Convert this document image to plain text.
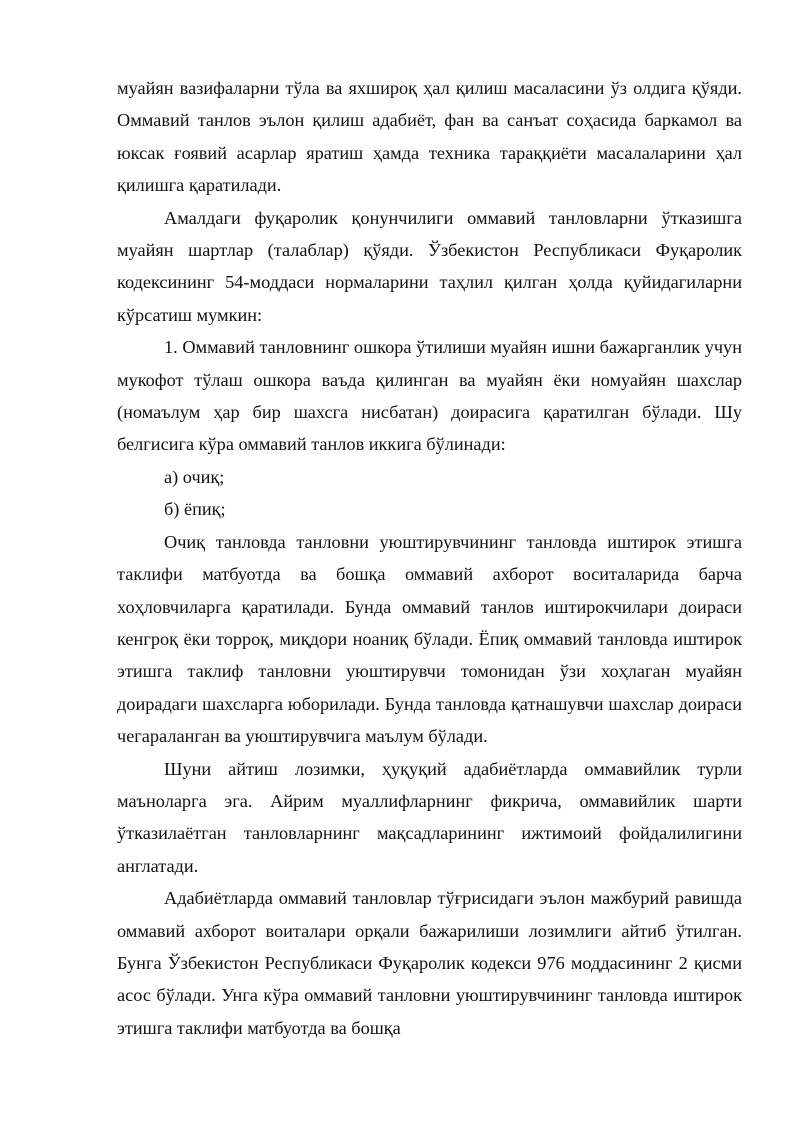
муайян вазифаларни тўла ва яхшироқ ҳал қилиш масаласини ўз олдига қўяди. Оммавий танлов эълон қилиш адабиёт, фан ва санъат соҳасида баркамол ва юксак ғоявий асарлар яратиш ҳамда техника тараққиёти масалаларини ҳал қилишга қаратилади.

Амалдаги фуқаролик қонунчилиги оммавий танловларни ўтказишга муайян шартлар (талаблар) қўяди. Ўзбекистон Республикаси Фуқаролик кодексининг 54-моддаси нормаларини таҳлил қилган ҳолда қуйидагиларни кўрсатиш мумкин:

1. Оммавий танловнинг ошкора ўтилиши муайян ишни бажарганлик учун мукофот тўлаш ошкора ваъда қилинган ва муайян ёки номуайян шахслар (номаълум ҳар бир шахсга нисбатан) доирасига қаратилган бўлади. Шу белгисига кўра оммавий танлов иккига бўлинади:

а) очиқ;

б) ёпиқ;

Очиқ танловда танловни уюштирувчининг танловда иштирок этишга таклифи матбуотда ва бошқа оммавий ахборот воситаларида барча хоҳловчиларга қаратилади. Бунда оммавий танлов иштирокчилари доираси кенгроқ ёки торроқ, миқдори ноаниқ бўлади. Ёпиқ оммавий танловда иштирок этишга таклиф танловни уюштирувчи томонидан ўзи хоҳлаган муайян доирадаги шахсларга юборилади. Бунда танловда қатнашувчи шахслар доираси чегараланган ва уюштирувчига маълум бўлади.

Шуни айтиш лозимки, ҳуқуқий адабиётларда оммавийлик турли маъноларга эга. Айрим муаллифларнинг фикрича, оммавийлик шарти ўтказилаётган танловларнинг мақсадларининг ижтимоий фойдалилигини англатади.

Адабиётларда оммавий танловлар тўғрисидаги эълон мажбурий равишда оммавий ахборот воиталари орқали бажарилиши лозимлиги айтиб ўтилган. Бунга Ўзбекистон Республикаси Фуқаролик кодекси 976 моддасининг 2 қисми асос бўлади. Унга кўра оммавий танловни уюштирувчининг танловда иштирок этишга таклифи матбуотда ва бошқа
